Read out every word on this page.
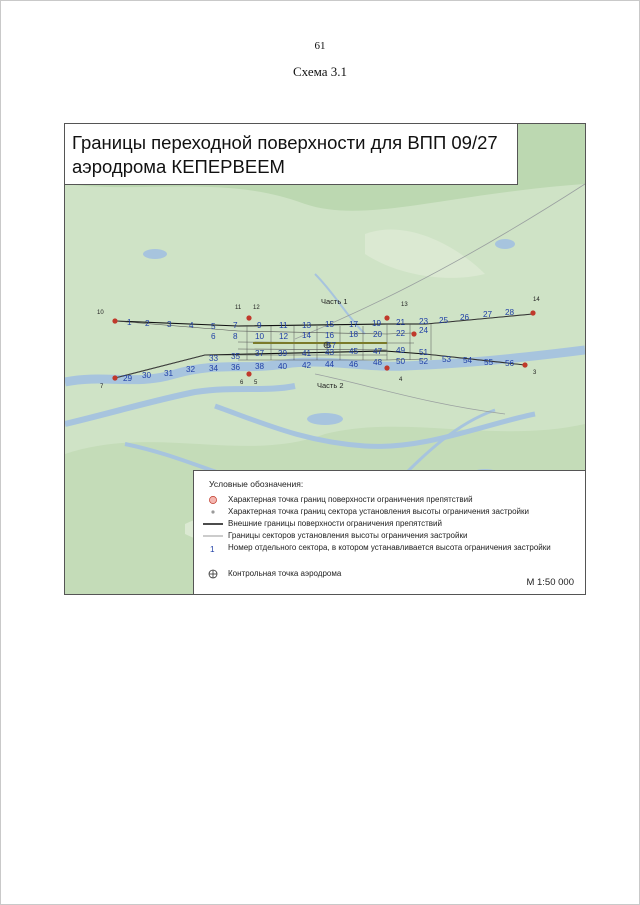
61
Схема 3.1
Часть 1
Часть 2
10
11 12	13
14
7
6 5	4
3
1 2 3 4 5 7 9 11 13 15 17 19 21 23 25 26 27 28
6 8 10 12 14 16 18 20 22 24
57
29 30 31 32
33
34
35
36
37
38
39
40
41
42
43
44
45
46
47
48
49
50
51
52 53 54 55 56
Границы переходной поверхности для ВПП 09/27
аэродрома КЕПЕРВЕЕМ
Условные обозначения:
Характерная точка границ поверхности ограничения препятствий
Характерная точка границ сектора установления высоты ограничения застройки
Внешние границы поверхности ограничения препятствий
Границы секторов установления высоты ограничения застройки
1 Номер отдельного сектора, в котором устанавливается высота ограничения застройки
Контрольная точка аэродрома
М 1:50 000
